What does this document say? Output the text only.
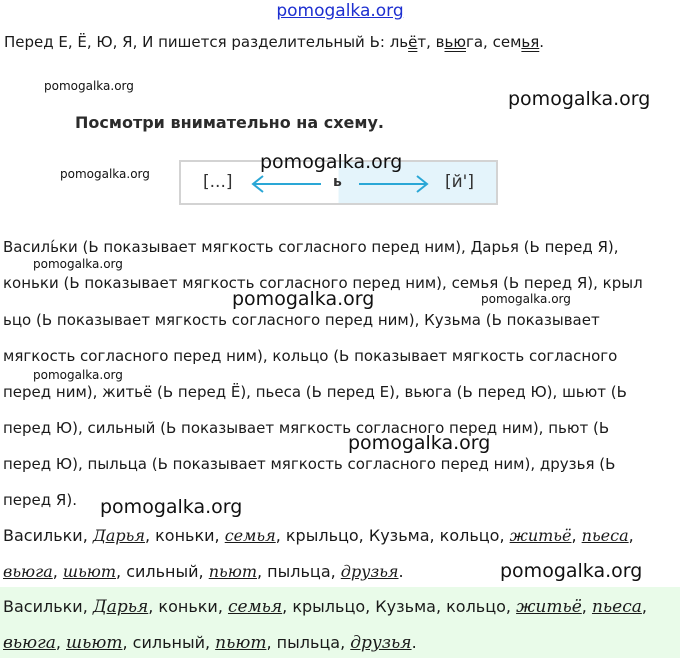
pomogalka.org
Перед Е, Ё, Ю, Я, И пишется разделительный Ь: льёт, вьюга, семья.
pomogalka.org
pomogalka.org
Посмотри внимательно на схему.
pomogalka.org	[...]	ь	[й']
pomogalka.org
Василь́ки (Ь показывает мягкость согласного перед ним), Дарья (Ь перед Я),
pomogalka.org
коньки (Ь показывает мягкость согласного перед ним), семья (Ь перед Я), крыл
pomogalka.org	pomogalka.org
ьцо (Ь показывает мягкость согласного перед ним), Кузьма (Ь показывает
мягкость согласного перед ним), кольцо (Ь показывает мягкость согласного
pomogalka.org
перед ним), житьё (Ь перед Ё), пьеса (Ь перед Е), вьюга (Ь перед Ю), шьют (Ь
перед Ю), сильный (Ь показывает мягкость согласного перед ним), пьют (Ь
pomogalka.org
перед Ю), пыльца (Ь показывает мягкость согласного перед ним), друзья (Ь
перед Я). pomogalka.org
Васильки, Дарья, коньки, семья, крыльцо, Кузьма, кольцо, житьё, пьеса,
вьюга, шьют, сильный, пьют, пыльца, друзья.	pomogalka.org
Васильки, Дарья, коньки, семья, крыльцо, Кузьма, кольцо, житьё, пьеса,
вьюга, шьют, сильный, пьют, пыльца, друзья.
